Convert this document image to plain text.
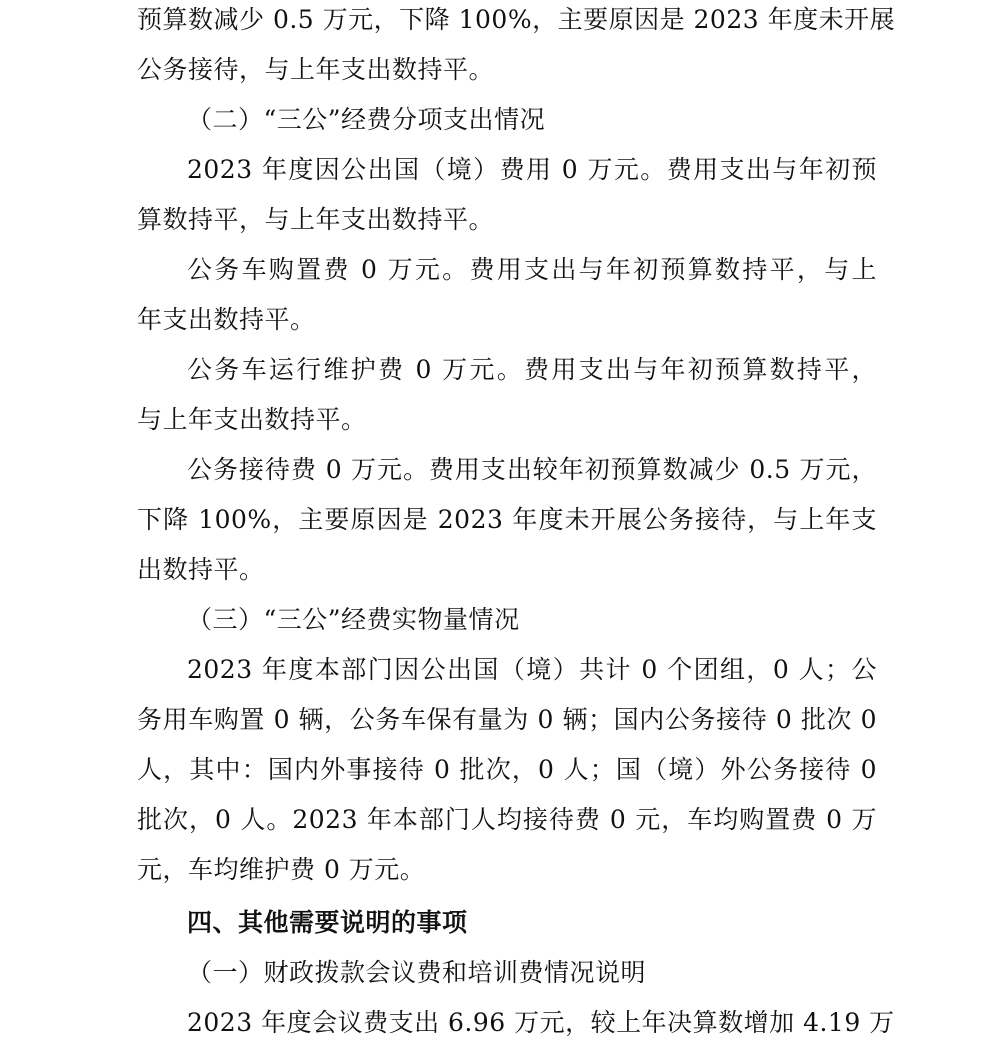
预算数减少 0.5 万元，下降 100%，主要原因是 2023 年度未开展
公务接待，与上年支出数持平。
（二）“三公”经费分项支出情况
2023 年度因公出国（境）费用 0 万元。费用支出与年初预
算数持平，与上年支出数持平。
公务车购置费 0 万元。费用支出与年初预算数持平，与上
年支出数持平。
公务车运行维护费 0 万元。费用支出与年初预算数持平，
与上年支出数持平。
公务接待费 0 万元。费用支出较年初预算数减少 0.5 万元，
下降 100%，主要原因是 2023 年度未开展公务接待，与上年支
出数持平。
（三）“三公”经费实物量情况
2023 年度本部门因公出国（境）共计 0 个团组，0 人；公
务用车购置 0 辆，公务车保有量为 0 辆；国内公务接待 0 批次 0
人，其中：国内外事接待 0 批次，0 人；国（境）外公务接待 0
批次，0 人。2023 年本部门人均接待费 0 元，车均购置费 0 万
元，车均维护费 0 万元。
四、其他需要说明的事项
（一）财政拨款会议费和培训费情况说明
2023 年度会议费支出 6.96 万元，较上年决算数增加 4.19 万
